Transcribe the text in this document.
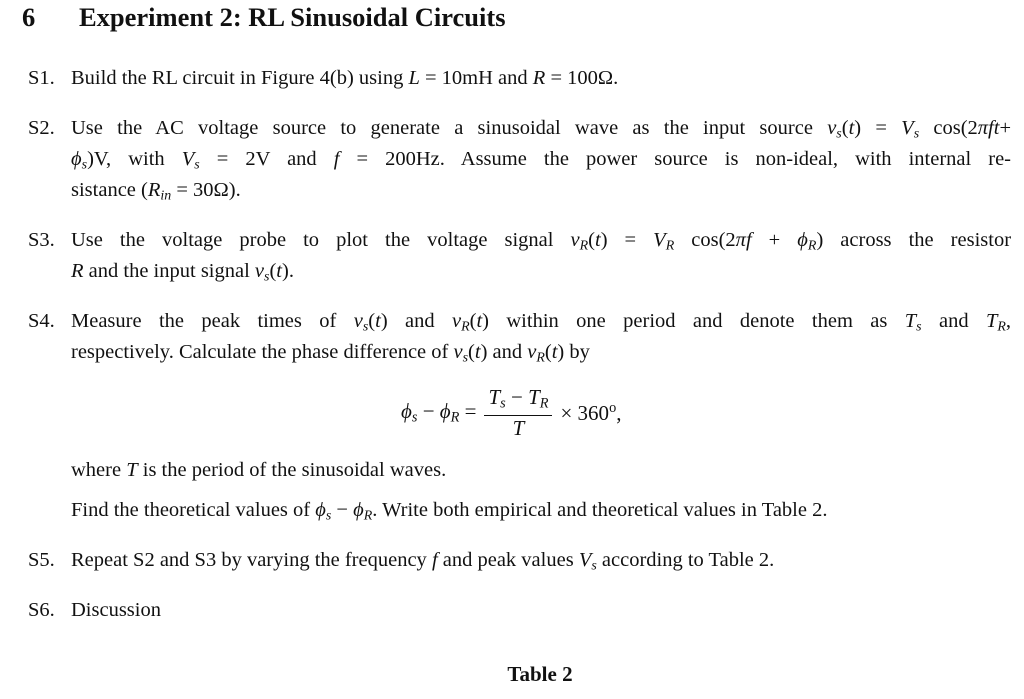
6 Experiment 2: RL Sinusoidal Circuits
S1. Build the RL circuit in Figure 4(b) using L = 10mH and R = 100Ω.
S2. Use the AC voltage source to generate a sinusoidal wave as the input source $v_s(t) = V_s$ cos(2πft+
$\phi_s)V$, with $V_s = 2V$ and f = 200Hz. Assume the power source is non-ideal, with internal re-
sistance $(R_{in} = 30\Omega)$.
S3. Use the voltage probe to plot the voltage signal $v_R(t) = V_R$ $\cos(2\pi f + \phi_R)$ across the resistor
R and the input signal $v_s(t)$.
S4. Measure the peak times of $v_s(t)$ and $v_R(t)$ within one period and denote them as $T_s$ and $T_R$,
respectively. Calculate the phase difference of $v_s(t)$ and $v_R(t)$ by
$\phi_s - \phi_R = \frac{T_s - T_R}{T} \times 360^o$,
where T is the period of the sinusoidal waves.
Find the theoretical values of $\phi_s - \phi_R$. Write both empirical and theoretical values in Table 2.
S5. Repeat S2 and S3 by varying the frequency f and peak values $V_s$ according to Table 2.
S6. Discussion
Table 2
